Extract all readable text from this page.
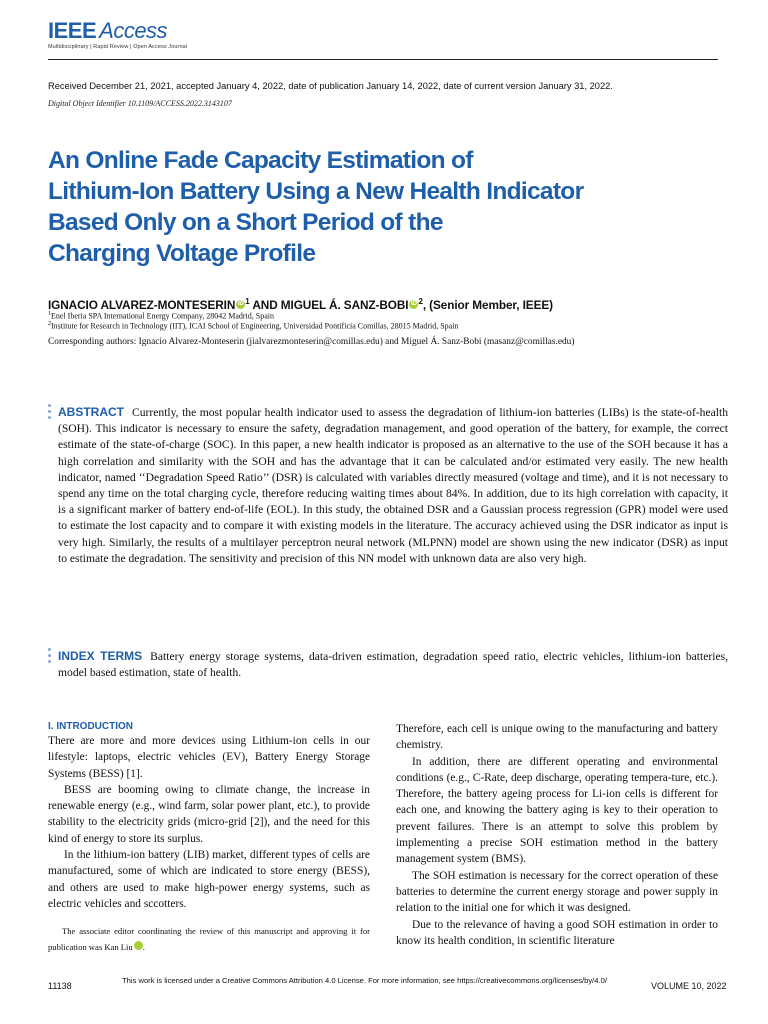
IEEE Access
Multidisciplinary | Rapid Review | Open Access Journal
Received December 21, 2021, accepted January 4, 2022, date of publication January 14, 2022, date of current version January 31, 2022.
Digital Object Identifier 10.1109/ACCESS.2022.3143107
An Online Fade Capacity Estimation of
Lithium-Ion Battery Using a New Health Indicator
Based Only on a Short Period of the
Charging Voltage Profile
IGNACIO ALVAREZ-MONTESERIN iD $^1$ AND MIGUEL Á. SANZ-BOBI iD $^2$, (Senior Member, IEEE)
$^1$Enel Iberia SPA International Energy Company, 28042 Madrid, Spain
$^2$Institute for Research in Technology (IIT), ICAI School of Engineering, Universidad Pontificia Comillas, 28015 Madrid, Spain
Corresponding authors: Ignacio Alvarez-Monteserin (jialvarezmonteserin@comillas.edu) and Miguel Á. Sanz-Bobi (masanz@comillas.edu)
ABSTRACT Currently, the most popular health indicator used to assess the degradation of lithium-ion batteries (LIBs) is the state-of-health (SOH). This indicator is necessary to ensure the safety, degradation management, and good operation of the battery, for example, the correct estimate of the state-of-charge (SOC). In this paper, a new health indicator is proposed as an alternative to the use of the SOH because it has a high correlation and similarity with the SOH and has the advantage that it can be calculated and/or estimated very easily. The new health indicator, named ‘‘Degradation Speed Ratio’’ (DSR) is calculated with variables directly measured (voltage and time), and it is not necessary to spend any time on the total charging cycle, therefore reducing waiting times about 84%. In addition, due to its high correlation with capacity, it is a significant marker of battery end-of-life (EOL). In this study, the obtained DSR and a Gaussian process regression (GPR) model were used to estimate the lost capacity and to compare it with existing models in the literature. The accuracy achieved using the DSR indicator as input is very high. Similarly, the results of a multilayer perceptron neural network (MLPNN) model are shown using the new indicator (DSR) as input to estimate the degradation. The sensitivity and precision of this NN model with unknown data are also very high.
INDEX TERMS Battery energy storage systems, data-driven estimation, degradation speed ratio, electric vehicles, lithium-ion batteries, model based estimation, state of health.
I. INTRODUCTION

There are more and more devices using Lithium-ion cells in our lifestyle: laptops, electric vehicles (EV), Battery Energy Storage Systems (BESS) [1].

BESS are booming owing to climate change, the increase in renewable energy (e.g., wind farm, solar power plant, etc.), to provide stability to the electricity grids (micro-grid [2]), and the need for this kind of energy to store its surplus.

In the lithium-ion battery (LIB) market, different types of cells are manufactured, some of which are indicated to store energy (BESS), and others are used to make high-power energy systems, such as electric vehicles and sccotters.

The associate editor coordinating the review of this manuscript and approving it for publication was Kan Liu	iD.

Therefore, each cell is unique owing to the manufacturing and battery chemistry.

In addition, there are different operating and environmental conditions (e.g., C-Rate, deep discharge, operating tempera-ture, etc.). Therefore, the battery ageing process for Li-ion cells is different for each one, and knowing the battery aging is key to their operation to prevent failures. There is an attempt to solve this problem by implementing a precise SOH estimation method in the battery management system (BMS).

The SOH estimation is necessary for the correct operation of these batteries to determine the current energy storage and power supply in relation to the initial one for which it was designed.

Due to the relevance of having a good SOH estimation in order to know its health condition, in scientific literature

11138
This work is licensed under a Creative Commons Attribution 4.0 License. For more information, see https://creativecommons.org/licenses/by/4.0/
VOLUME 10, 2022
